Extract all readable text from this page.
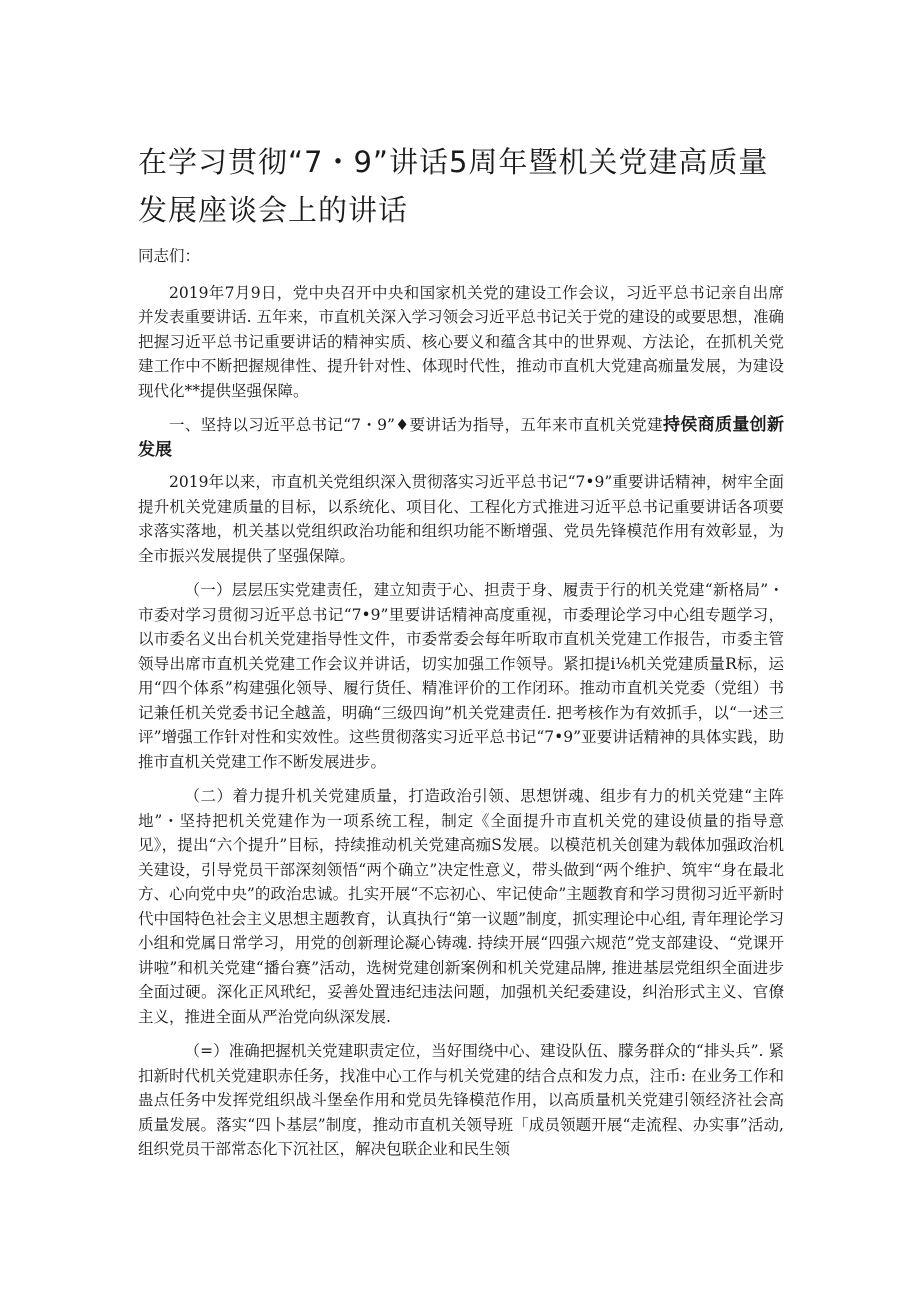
在学习贯彻“7・9”讲话5周年暨机关党建高质量发展座谈会上的讲话

同志们：

2019年7月9日，党中央召开中央和国家机关党的建设工作会议，习近平总书记亲自出席并发表重要讲话. 五年来，市直机关深入学习领会习近平总书记关于党的建设的或要思想，准确把握习近平总书记重要讲话的精神实质、核心要义和蕴含其中的世界观、方法论，在抓机关党建工作中不断把握规律性、提升针对性、体现时代性，推动市直机大党建高痂量发展，为建设现代化**提供坚强保障。

一、坚持以习近平总书记“7・9”♦要讲话为指导，五年来市直机关党建持侯商质量创新发展

2019年以来，市直机关党组织深入贯彻落实习近平总书记“7•9”重要讲话精神，树牢全面提升机关党建质量的目标，以系统化、项目化、工程化方式推进习近平总书记重要讲话各项要求落实落地，机关基以党组织政治功能和组织功能不断增强、党员先锋模范作用有效彰显，为全市振兴发展提供了坚强保障。

（一）层层压实党建责任，建立知责于心、担责于身、履责于行的机关党建“新格局”・市委对学习贯彻习近平总书记“7•9”里要讲话精神高度重视，市委理论学习中心组专题学习，以市委名义出台机关党建指导性文件，市委常委会每年听取市直机关党建工作报告，市委主管领导出席市直机关党建工作会议并讲话，切实加强工作领导。紧扣提i⅛机关党建质量R标，运用“四个体系”构建强化领导、履行货任、精准评价的工作闭环。推动市直机关党委（党组）书记兼任机关党委书记全越盖，明确“三级四询”机关党建责任. 把考核作为有效抓手，以“一述三评”增强工作针对性和实效性。这些贯彻落实习近平总书记“7•9”亚要讲话精神的具体实践，助推市直机关党建工作不断发展进步。

（二）着力提升机关党建质量，打造政治引领、思想饼魂、组步有力的机关党建“主阵地”・坚持把机关党建作为一项系统工程，制定《全面提升市直机关党的建设侦量的指导意见》，提出“六个提升”目标，持续推动机关党建高痂S发展。以模范机关创建为载体加强政治机关建设，引导党员干部深刻领悟“两个确立”决定性意义，带头做到“两个维护、筑牢“身在最北方、心向党中央”的政治忠诚。扎实开展“不忘初心、牢记使命”主题教育和学习贯彻习近平新时代中国特色社会主义思想主题教育，认真执行“第一议题”制度，抓实理论中心组, 青年理论学习小组和党属日常学习，用党的创新理论凝心铸魂. 持续开展“四强六规范”党支部建设、“党课开讲啦”和机关党建“播台赛”活动，选树党建创新案例和机关党建品牌, 推进基层党组织全面进步全面过硬。深化正风玳纪，妥善处置违纪违法问题，加强机关纪委建设，纠治形式主义、官僚主义，推进全面从严治党向纵深发展.

（=）准确把握机关党建职责定位，当好围绕中心、建设队伍、朦务群众的“排头兵”. 紧扣新时代机关党建职赤任务，找准中心工作与机关党建的结合点和发力点，注币: 在业务工作和蛊点任务中发挥党组织战斗堡垒作用和党员先锋模范作用，以高质量机关党建引领经济社会高质量发展。落实“四卜基层”制度，推动市直机关领导班「成员领题开展“走流程、办实事”活动, 组织党员干部常态化下沉社区，解决包联企业和民生领
